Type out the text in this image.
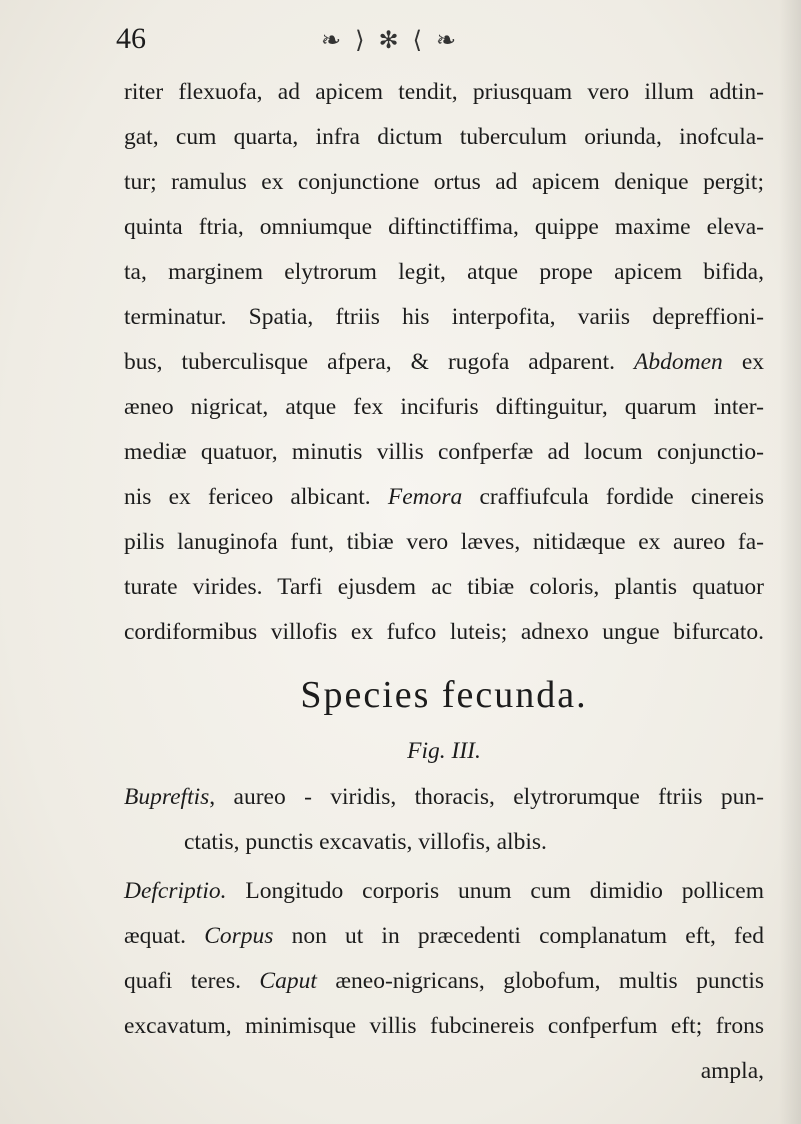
46	❧ ⟩ ✻ ⟨ ❧
riter flexuofa, ad apicem tendit, priusquam vero illum adtin-
gat, cum quarta, infra dictum tuberculum oriunda, inofcula-
tur; ramulus ex conjunctione ortus ad apicem denique pergit;
quinta ftria, omniumque diftinctiffima, quippe maxime eleva-
ta, marginem elytrorum legit, atque prope apicem bifida,
terminatur. Spatia, ftriis his interpofita, variis depreffioni-
bus, tuberculisque afpera, & rugofa adparent. Abdomen ex
æneo nigricat, atque fex incifuris diftinguitur, quarum inter-
mediæ quatuor, minutis villis confperfæ ad locum conjunctio-
nis ex fericeo albicant. Femora craffiufcula fordide cinereis
pilis lanuginofa funt, tibiæ vero læves, nitidæque ex aureo fa-
turate virides. Tarfi ejusdem ac tibiæ coloris, plantis quatuor
cordiformibus villofis ex fufco luteis; adnexo ungue bifurcato.
Species fecunda.
Fig. III.
Bupreftis, aureo - viridis, thoracis, elytrorumque ftriis pun-
ctatis, punctis excavatis, villofis, albis.
Defcriptio. Longitudo corporis unum cum dimidio pollicem
æquat. Corpus non ut in præcedenti complanatum eft, fed
quafi teres. Caput æneo-nigricans, globofum, multis punctis
excavatum, minimisque villis fubcinereis confperfum eft; frons
ampla,
